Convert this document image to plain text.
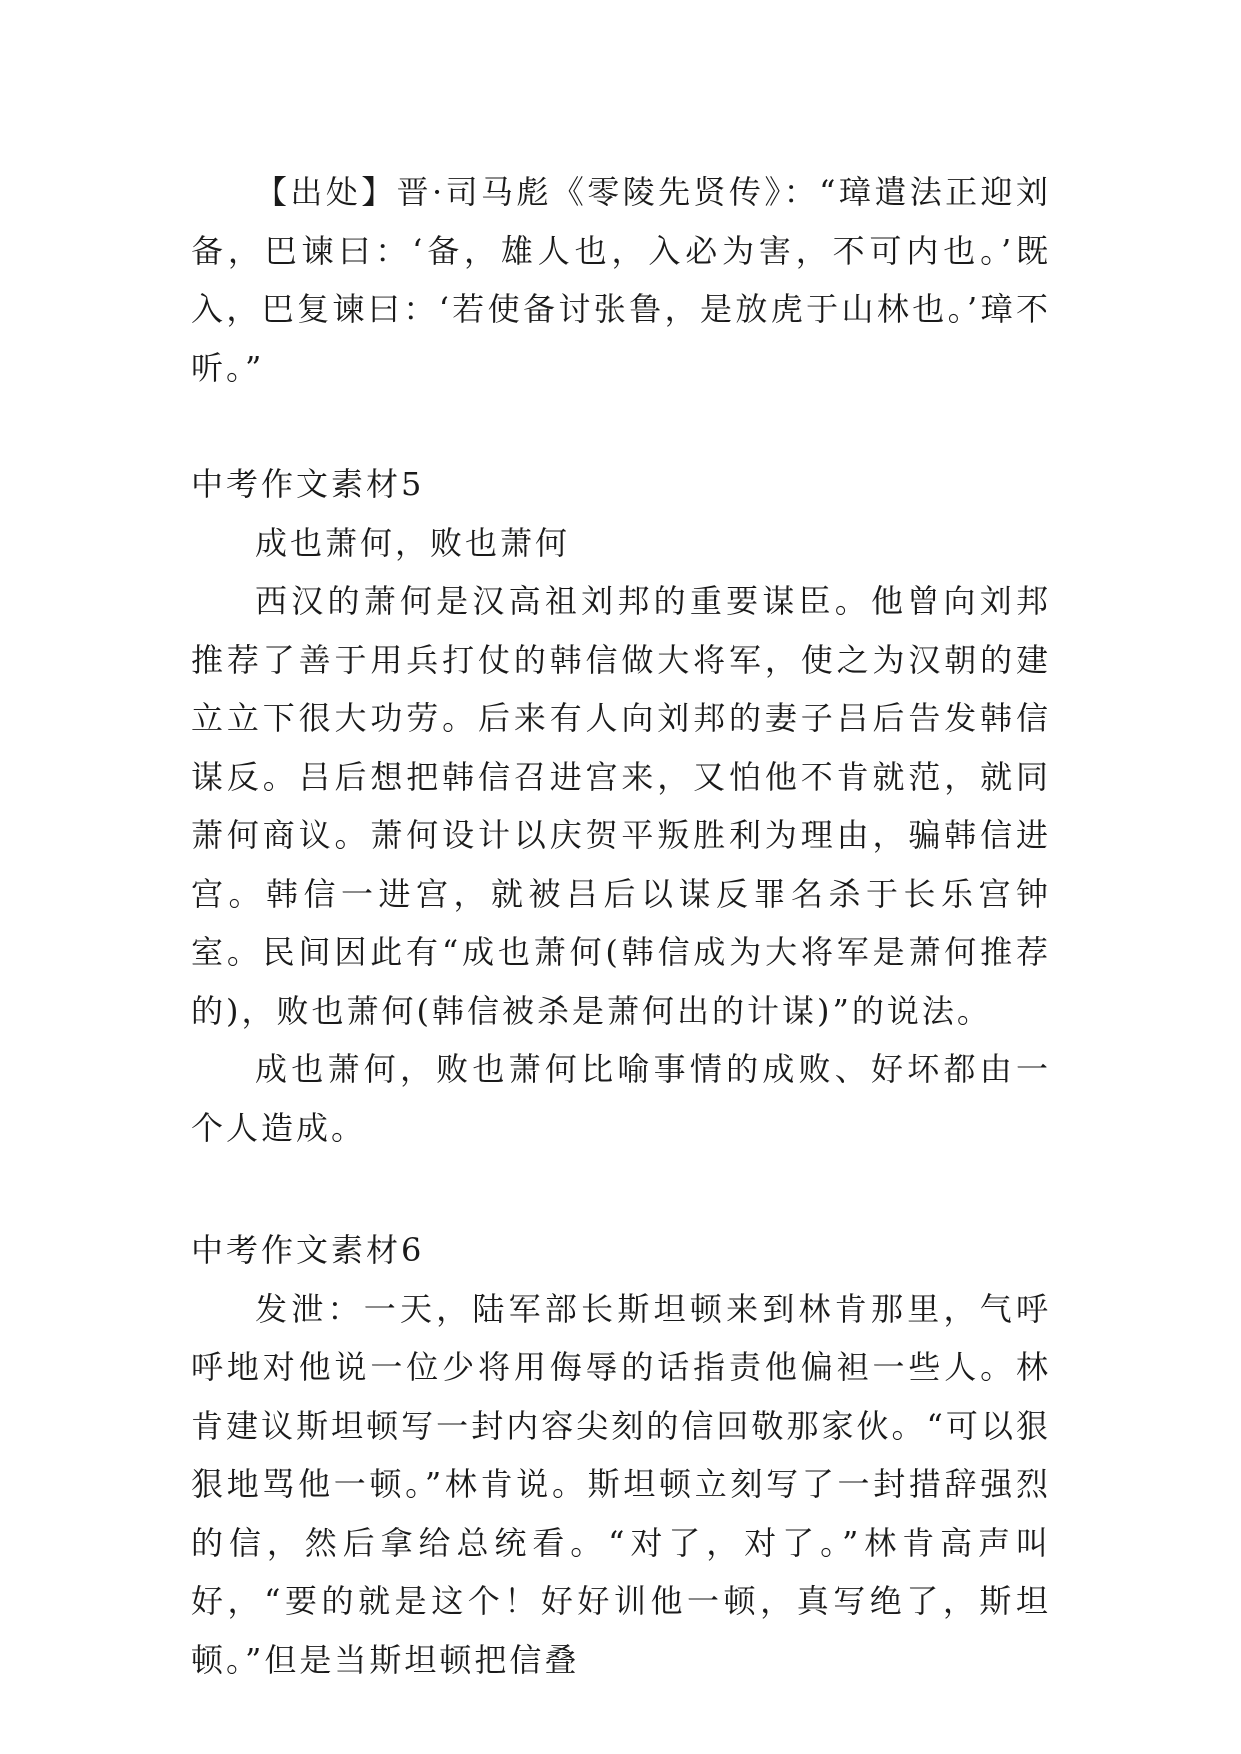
【出处】晋·司马彪《零陵先贤传》：“璋遣法正迎刘备，巴谏曰：‘备，雄人也，入必为害，不可内也。’既入，巴复谏曰：‘若使备讨张鲁，是放虎于山林也。’璋不听。”

中考作文素材5

成也萧何，败也萧何

西汉的萧何是汉高祖刘邦的重要谋臣。他曾向刘邦推荐了善于用兵打仗的韩信做大将军，使之为汉朝的建立立下很大功劳。后来有人向刘邦的妻子吕后告发韩信谋反。吕后想把韩信召进宫来，又怕他不肯就范，就同萧何商议。萧何设计以庆贺平叛胜利为理由，骗韩信进宫。韩信一进宫，就被吕后以谋反罪名杀于长乐宫钟室。民间因此有“成也萧何(韩信成为大将军是萧何推荐的)，败也萧何(韩信被杀是萧何出的计谋)”的说法。

成也萧何，败也萧何比喻事情的成败、好坏都由一个人造成。

中考作文素材6

发泄：一天，陆军部长斯坦顿来到林肯那里，气呼呼地对他说一位少将用侮辱的话指责他偏袒一些人。林肯建议斯坦顿写一封内容尖刻的信回敬那家伙。“可以狠狠地骂他一顿。”林肯说。斯坦顿立刻写了一封措辞强烈的信，然后拿给总统看。“对了，对了。”林肯高声叫好，“要的就是这个！好好训他一顿，真写绝了，斯坦顿。”但是当斯坦顿把信叠
